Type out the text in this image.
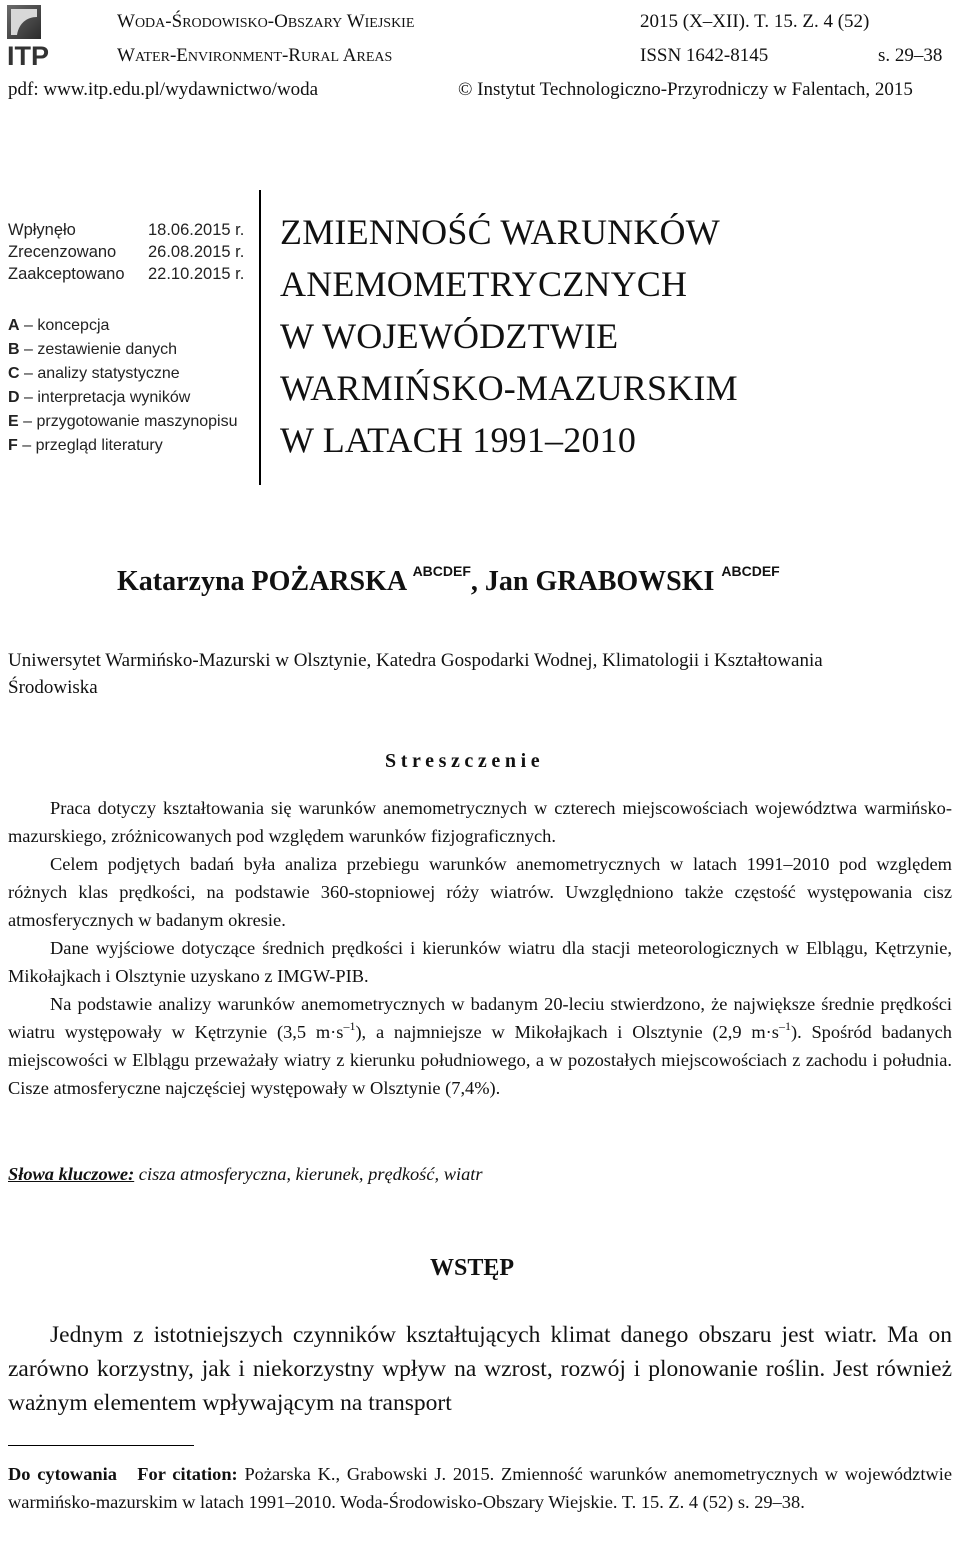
ITP
WODA-ŚRODOWISKO-OBSZARY WIEJSKIE
WATER-ENVIRONMENT-RURAL AREAS
2015 (X–XII). T. 15. Z. 4 (52)
ISSN 1642-8145	s. 29–38
pdf: www.itp.edu.pl/wydawnictwo/woda	© Instytut Technologiczno-Przyrodniczy w Falentach, 2015
Wpłynęło	18.06.2015 r.
Zrecenzowano 26.08.2015 r.
Zaakceptowano 22.10.2015 r.
A – koncepcja
B – zestawienie danych
C – analizy statystyczne
D – interpretacja wyników
E – przygotowanie maszynopisu
F – przegląd literatury
ZMIENNOŚĆ WARUNKÓW
ANEMOMETRYCZNYCH
W WOJEWÓDZTWIE
WARMIŃSKO-MAZURSKIM
W LATACH 1991–2010
Katarzyna POŻARSKA $^{ABCDEF}$, Jan GRABOWSKI $^{ABCDEF}$
Uniwersytet Warmińsko-Mazurski w Olsztynie, Katedra Gospodarki Wodnej, Klimatologii i Kształtowania Środowiska
Streszczenie

Praca dotyczy kształtowania się warunków anemometrycznych w czterech miejscowościach województwa warmińsko-mazurskiego, zróżnicowanych pod względem warunków fizjograficznych.

Celem podjętych badań była analiza przebiegu warunków anemometrycznych w latach 1991–2010 pod względem różnych klas prędkości, na podstawie 360-stopniowej róży wiatrów. Uwzględniono także częstość występowania cisz atmosferycznych w badanym okresie.

Dane wyjściowe dotyczące średnich prędkości i kierunków wiatru dla stacji meteorologicznych w Elblągu, Kętrzynie, Mikołajkach i Olsztynie uzyskano z IMGW-PIB.

Na podstawie analizy warunków anemometrycznych w badanym 20-leciu stwierdzono, że największe średnie prędkości wiatru występowały w Kętrzynie (3,5 $m\cdot s^{-1}$), a najmniejsze w Mikołajkach i Olsztynie (2,9 $m\cdot s^{-1}$). Spośród badanych miejscowości w Elblągu przeważały wiatry z kierunku południowego, a w pozostałych miejscowościach z zachodu i południa. Cisze atmosferyczne najczęściej występowały w Olsztynie (7,4%).

Słowa kluczowe: cisza atmosferyczna, kierunek, prędkość, wiatr
WSTĘP

Jednym z istotniejszych czynników kształtujących klimat danego obszaru jest wiatr. Ma on zarówno korzystny, jak i niekorzystny wpływ na wzrost, rozwój i plonowanie roślin. Jest również ważnym elementem wpływającym na transport

Do cytowania   For citation: Pożarska K., Grabowski J. 2015. Zmienność warunków anemometrycznych w województwie warmińsko-mazurskim w latach 1991–2010. Woda-Środowisko-Obszary Wiejskie. T. 15. Z. 4 (52) s. 29–38.
